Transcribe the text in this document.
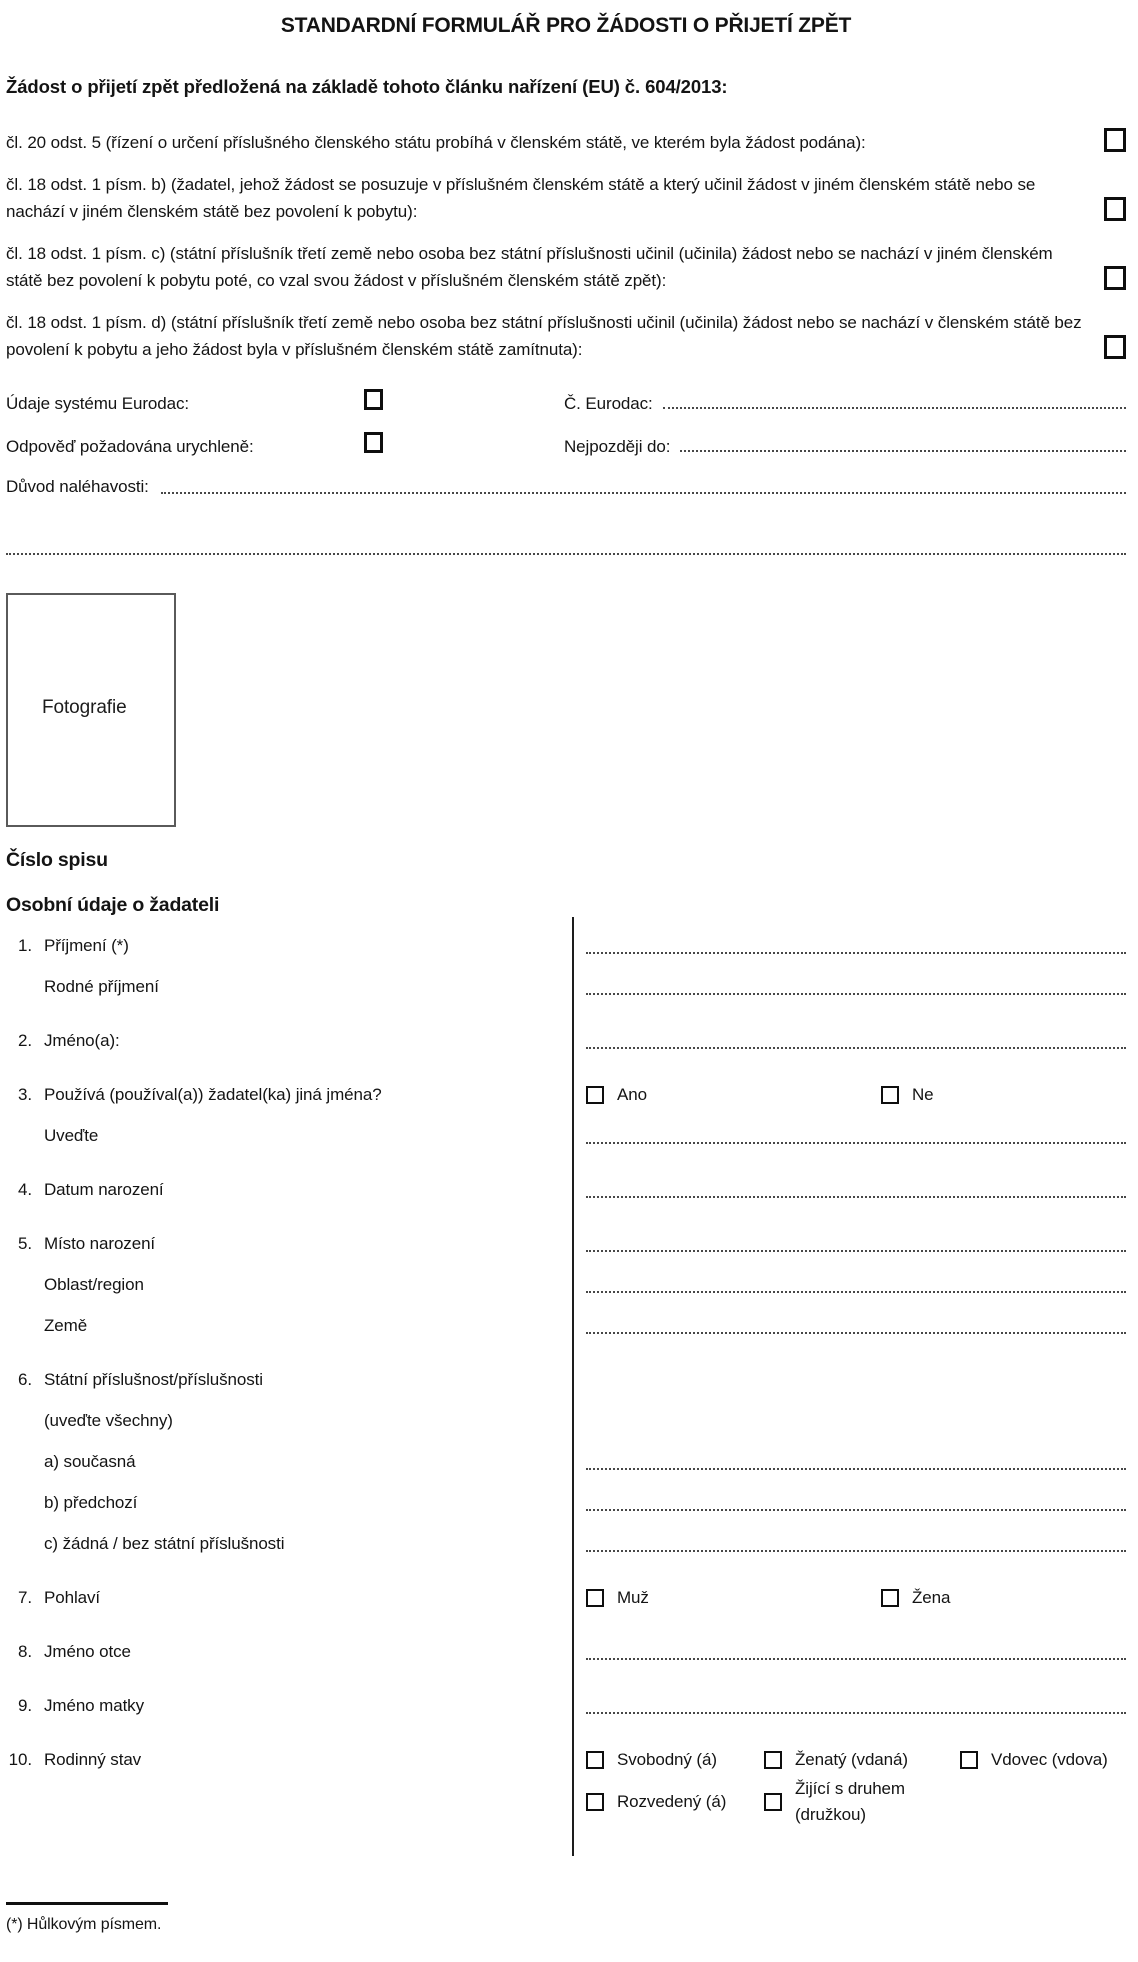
STANDARDNÍ FORMULÁŘ PRO ŽÁDOSTI O PŘIJETÍ ZPĚT
Žádost o přijetí zpět předložená na základě tohoto článku nařízení (EU) č. 604/2013:
čl. 20 odst. 5 (řízení o určení příslušného členského státu probíhá v členském státě, ve kterém byla žádost podána):
čl. 18 odst. 1 písm. b) (žadatel, jehož žádost se posuzuje v příslušném členském státě a který učinil žádost v jiném členském státě nebo se nachází v jiném členském státě bez povolení k pobytu):
čl. 18 odst. 1 písm. c) (státní příslušník třetí země nebo osoba bez státní příslušnosti učinil (učinila) žádost nebo se nachází v jiném členském státě bez povolení k pobytu poté, co vzal svou žádost v příslušném členském státě zpět):
čl. 18 odst. 1 písm. d) (státní příslušník třetí země nebo osoba bez státní příslušnosti učinil (učinila) žádost nebo se nachází v členském státě bez povolení k pobytu a jeho žádost byla v příslušném členském státě zamítnuta):
Údaje systému Eurodac:	Č. Eurodac:
Odpověď požadována urychleně:	Nejpozději do:
Důvod naléhavosti:
Fotografie
Číslo spisu
Osobní údaje o žadateli
1. Příjmení (*)
Rodné příjmení
2. Jméno(a):
3. Používá (používal(a)) žadatel(ka) jiná jména?	Ano	Ne
Uveďte
4. Datum narození
5. Místo narození
Oblast/region
Země
6. Státní příslušnost/příslušnosti
(uveďte všechny)
a) současná
b) předchozí
c) žádná / bez státní příslušnosti
7. Pohlaví	Muž	Žena
8. Jméno otce
9. Jméno matky
10. Rodinný stav	Svobodný (á)	Ženatý (vdaná)	Vdovec (vdova)
Rozvedený (á)
Žijící s druhem (družkou)
(*) Hůlkovým písmem.
